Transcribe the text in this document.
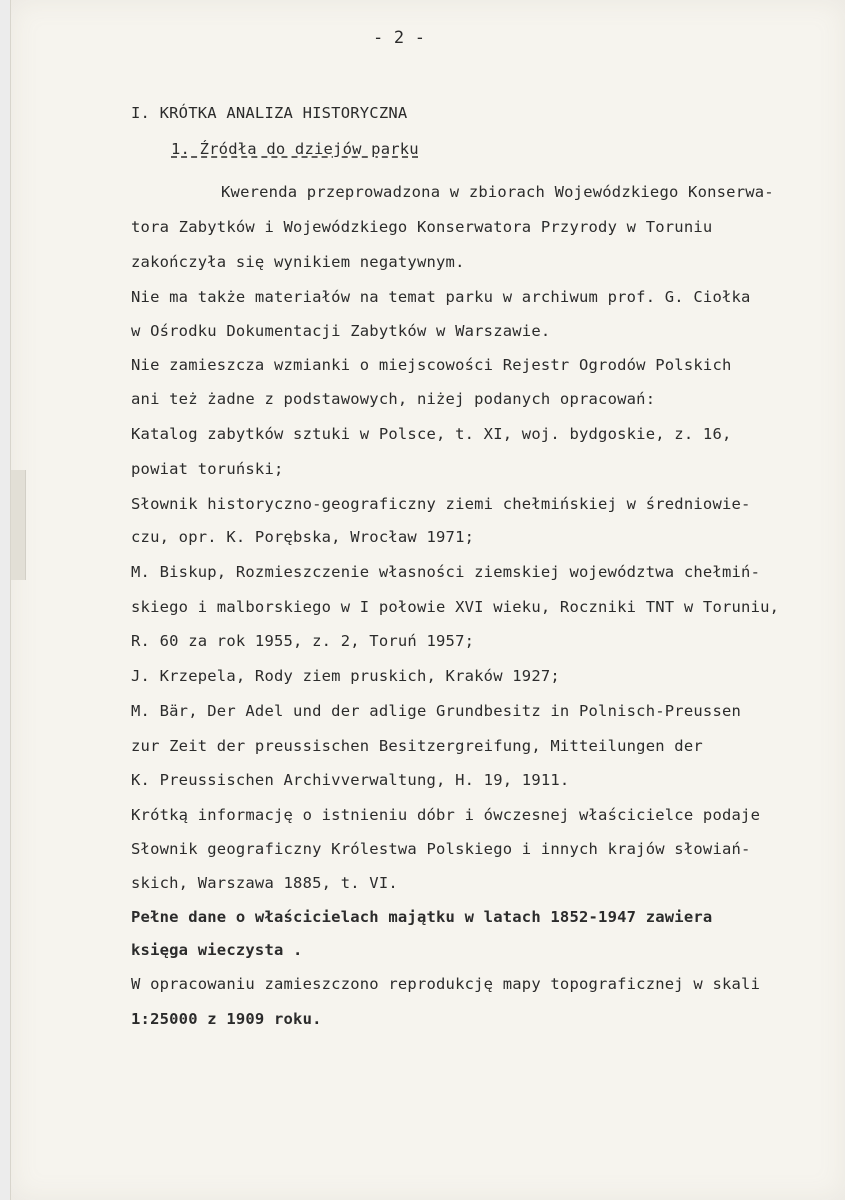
- 2 -
I. KRÓTKA ANALIZA HISTORYCZNA
1. Źródła do dziejów parku
Kwerenda przeprowadzona w zbiorach Wojewódzkiego Konserwa-
tora Zabytków i Wojewódzkiego Konserwatora Przyrody w Toruniu
zakończyła się wynikiem negatywnym.
Nie ma także materiałów na temat parku w archiwum prof. G. Ciołka
w Ośrodku Dokumentacji Zabytków w Warszawie.
Nie zamieszcza wzmianki o miejscowości Rejestr Ogrodów Polskich
ani też żadne z podstawowych, niżej podanych opracowań:
Katalog zabytków sztuki w Polsce, t. XI, woj. bydgoskie, z. 16,
powiat toruński;
Słownik historyczno-geograficzny ziemi chełmińskiej w średniowie-
czu, opr. K. Porębska, Wrocław 1971;
M. Biskup, Rozmieszczenie własności ziemskiej województwa chełmiń-
skiego i malborskiego w I połowie XVI wieku, Roczniki TNT w Toruniu,
R. 60 za rok 1955, z. 2, Toruń 1957;
J. Krzepela, Rody ziem pruskich, Kraków 1927;
M. Bär, Der Adel und der adlige Grundbesitz in Polnisch-Preussen
zur Zeit der preussischen Besitzergreifung, Mitteilungen der
K. Preussischen Archivverwaltung, H. 19, 1911.
Krótką informację o istnieniu dóbr i ówczesnej właścicielce podaje
Słownik geograficzny Królestwa Polskiego i innych krajów słowiań-
skich, Warszawa 1885, t. VI.
Pełne dane o właścicielach majątku w latach 1852-1947 zawiera
księga wieczysta .
W opracowaniu zamieszczono reprodukcję mapy topograficznej w skali
1:25000 z 1909 roku.
